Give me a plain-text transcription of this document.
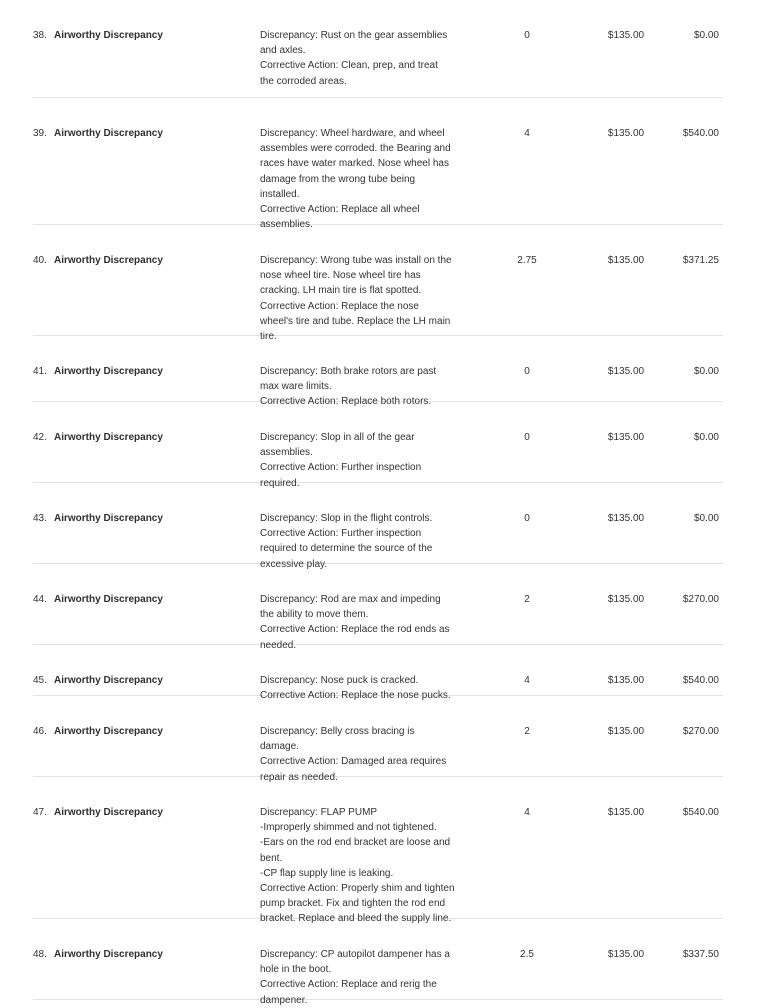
38. Airworthy Discrepancy	Discrepancy: Rust on the gear assemblies
and axles.
Corrective Action: Clean, prep, and treat
the corroded areas.
0	$135.00	$0.00
39. Airworthy Discrepancy	Discrepancy: Wheel hardware, and wheel
assembles were corroded. the Bearing and
races have water marked. Nose wheel has
damage from the wrong tube being
installed.
Corrective Action: Replace all wheel
assemblies.
4	$135.00	$540.00
40. Airworthy Discrepancy	Discrepancy: Wrong tube was install on the
nose wheel tire. Nose wheel tire has
cracking. LH main tire is flat spotted.
Corrective Action: Replace the nose
wheel's tire and tube. Replace the LH main
tire.
2.75	$135.00	$371.25
41. Airworthy Discrepancy	Discrepancy: Both brake rotors are past
max ware limits.
Corrective Action: Replace both rotors.
0	$135.00	$0.00
42. Airworthy Discrepancy	Discrepancy: Slop in all of the gear
assemblies.
Corrective Action: Further inspection
required.
0	$135.00	$0.00
43. Airworthy Discrepancy	Discrepancy: Slop in the flight controls.
Corrective Action: Further inspection
required to determine the source of the
excessive play.
0	$135.00	$0.00
44. Airworthy Discrepancy	Discrepancy: Rod are max and impeding
the ability to move them.
Corrective Action: Replace the rod ends as
needed.
2	$135.00	$270.00
45. Airworthy Discrepancy	Discrepancy: Nose puck is cracked.
Corrective Action: Replace the nose pucks.
4	$135.00	$540.00
46. Airworthy Discrepancy	Discrepancy: Belly cross bracing is
damage.
Corrective Action: Damaged area requires
repair as needed.
2	$135.00	$270.00
47. Airworthy Discrepancy	Discrepancy: FLAP PUMP
-Improperly shimmed and not tightened.
-Ears on the rod end bracket are loose and
bent.
-CP flap supply line is leaking.
Corrective Action: Properly shim and tighten
pump bracket. Fix and tighten the rod end
bracket. Replace and bleed the supply line.
4	$135.00	$540.00
48. Airworthy Discrepancy	Discrepancy: CP autopilot dampener has a
hole in the boot.
Corrective Action: Replace and rerig the
dampener.
2.5	$135.00	$337.50
